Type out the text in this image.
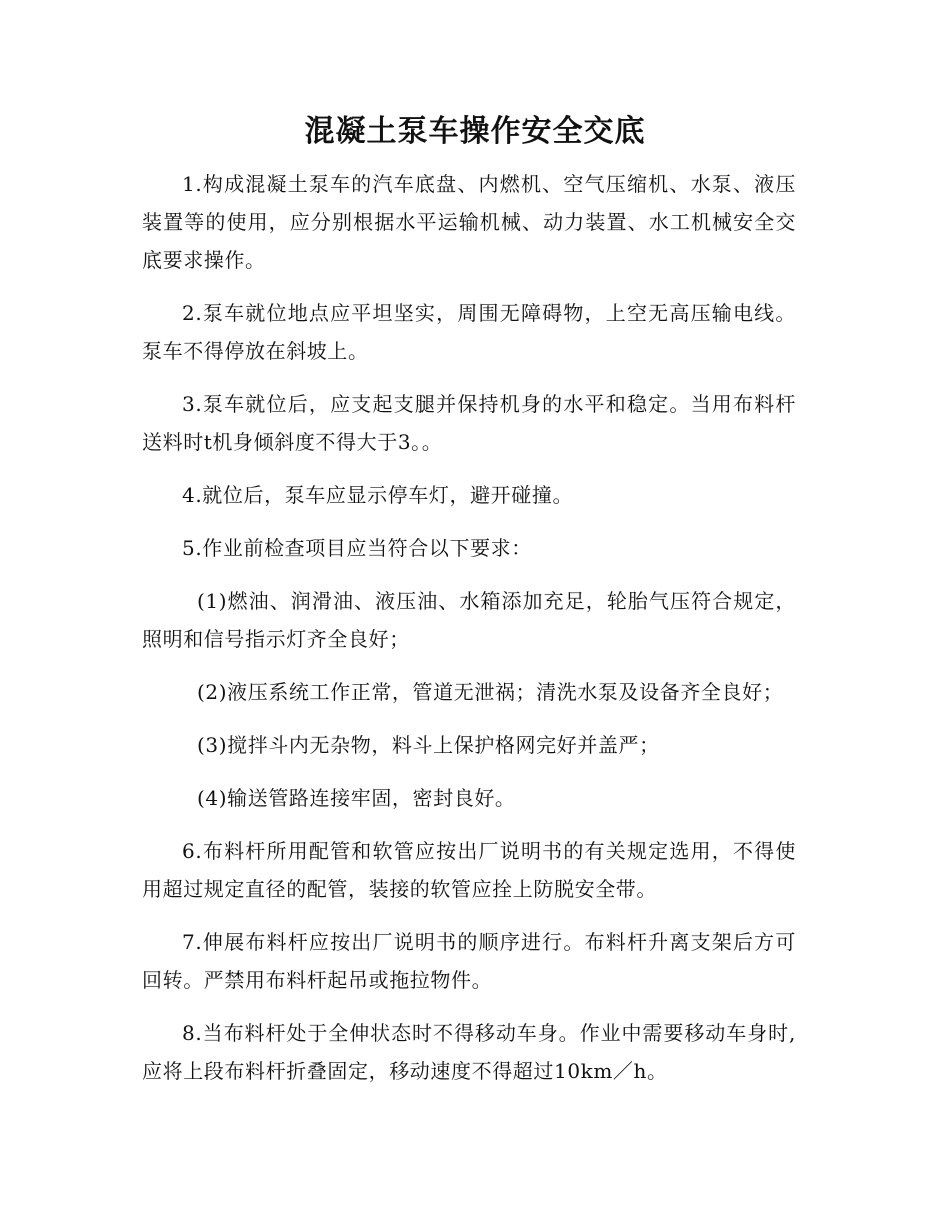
混凝土泵车操作安全交底

1.构成混凝土泵车的汽车底盘、内燃机、空气压缩机、水泵、液压装置等的使用，应分别根据水平运输机械、动力装置、水工机械安全交底要求操作。

2.泵车就位地点应平坦坚实，周围无障碍物，上空无高压输电线。泵车不得停放在斜坡上。

3.泵车就位后，应支起支腿并保持机身的水平和稳定。当用布料杆送料时t机身倾斜度不得大于3。。

4.就位后，泵车应显示停车灯，避开碰撞。

5.作业前检查项目应当符合以下要求：

(1)燃油、润滑油、液压油、水箱添加充足，轮胎气压符合规定，照明和信号指示灯齐全良好；

(2)液压系统工作正常，管道无泄祸；清洗水泵及设备齐全良好；

(3)搅拌斗内无杂物，料斗上保护格网完好并盖严；

(4)输送管路连接牢固，密封良好。

6.布料杆所用配管和软管应按出厂说明书的有关规定选用，不得使用超过规定直径的配管，装接的软管应拴上防脱安全带。

7.伸展布料杆应按出厂说明书的顺序进行。布料杆升离支架后方可回转。严禁用布料杆起吊或拖拉物件。

8.当布料杆处于全伸状态时不得移动车身。作业中需要移动车身时,应将上段布料杆折叠固定，移动速度不得超过10km／h。
